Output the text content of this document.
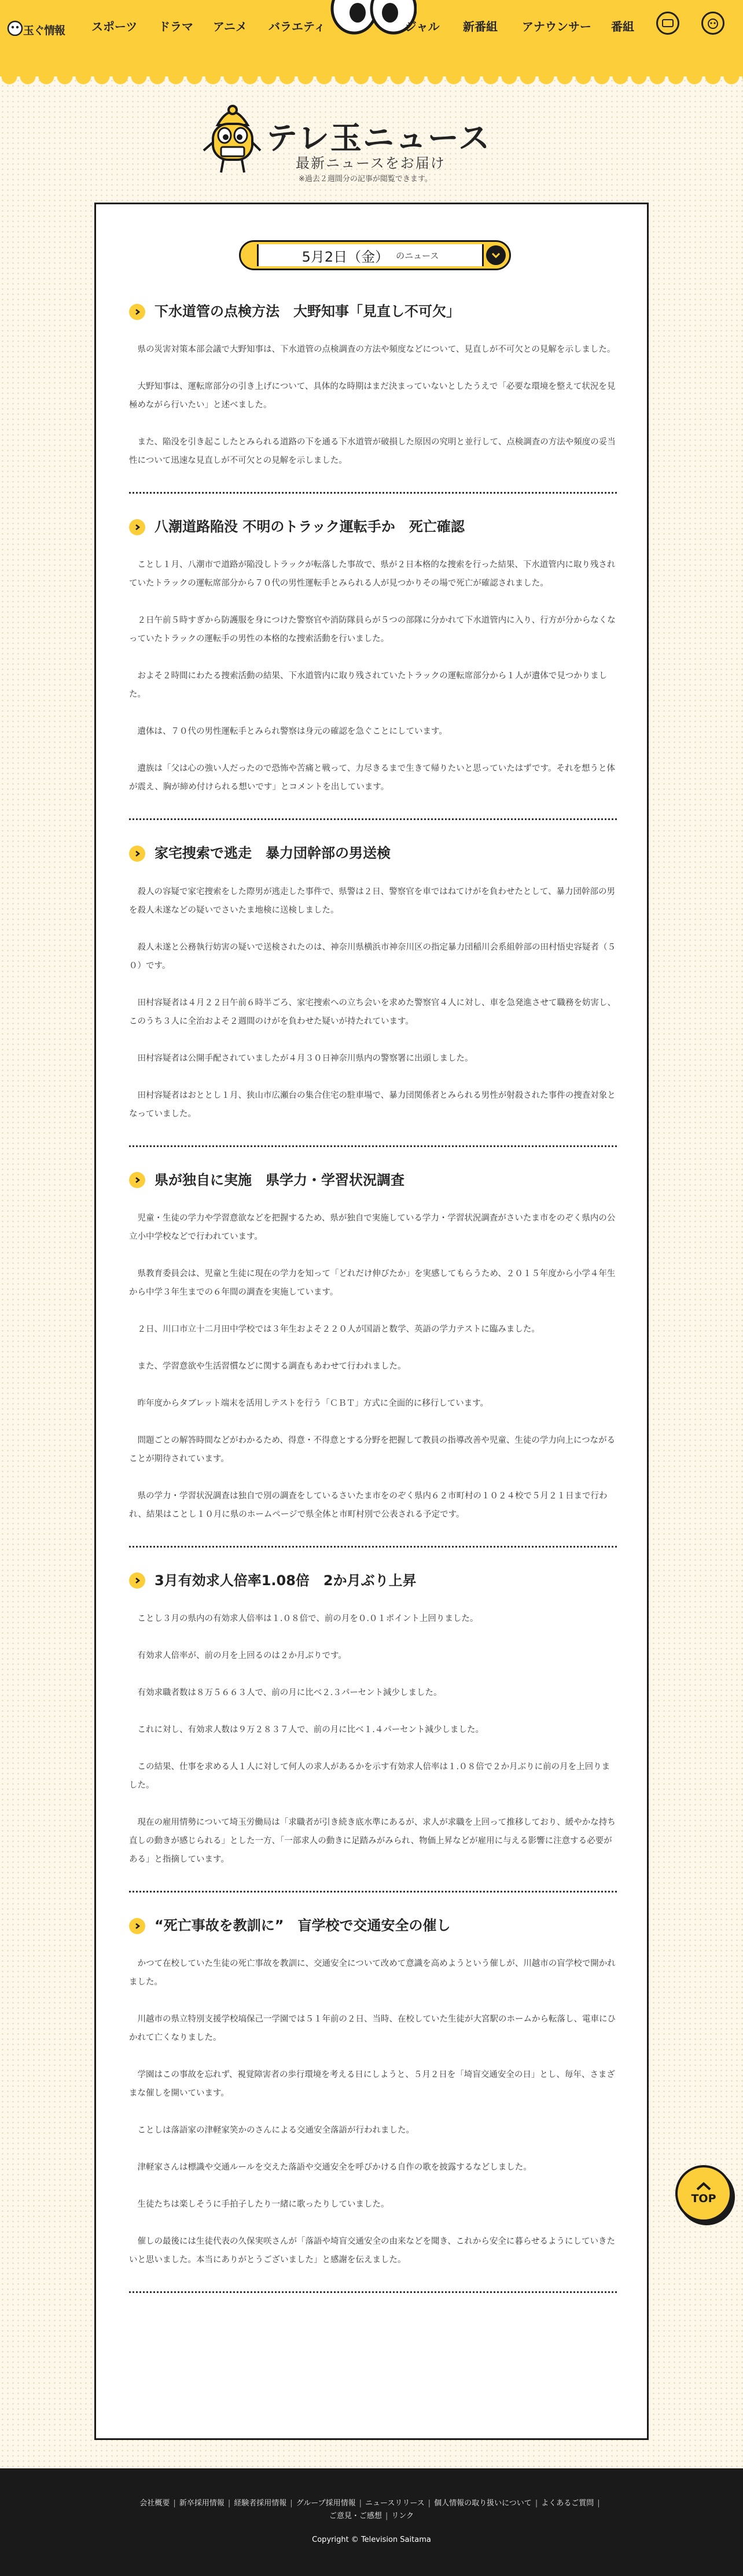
玉ぐ情報	スポーツ ドラマ アニメ バラエティ	ジャル 新番組 アナウンサー 番組
テレ玉ニュース
最新ニュースをお届け
※過去２週間分の記事が閲覧できます。
5月2日（金） のニュース
下水道管の点検方法　大野知事「見直し不可欠」

県の災害対策本部会議で大野知事は、下水道管の点検調査の方法や頻度などについて、見直しが不可欠との見解を示しました。

大野知事は、運転席部分の引き上げについて、具体的な時期はまだ決まっていないとしたうえで「必要な環境を整えて状況を見極めながら行いたい」と述べました。

また、陥没を引き起こしたとみられる道路の下を通る下水道管が破損した原因の究明と並行して、点検調査の方法や頻度の妥当性について迅速な見直しが不可欠との見解を示しました。

八潮道路陥没 不明のトラック運転手か　死亡確認

ことし１月、八潮市で道路が陥没しトラックが転落した事故で、県が２日本格的な捜索を行った結果、下水道管内に取り残されていたトラックの運転席部分から７０代の男性運転手とみられる人が見つかりその場で死亡が確認されました。

２日午前５時すぎから防護服を身につけた警察官や消防隊員らが５つの部隊に分かれて下水道管内に入り、行方が分からなくなっていたトラックの運転手の男性の本格的な捜索活動を行いました。

およそ２時間にわたる捜索活動の結果、下水道管内に取り残されていたトラックの運転席部分から１人が遺体で見つかりました。

遺体は、７０代の男性運転手とみられ警察は身元の確認を急ぐことにしています。

遺族は「父は心の強い人だったので恐怖や苦痛と戦って、力尽きるまで生きて帰りたいと思っていたはずです。それを想うと体が震え、胸が締め付けられる想いです」とコメントを出しています。

家宅捜索で逃走　暴力団幹部の男送検

殺人の容疑で家宅捜索をした際男が逃走した事件で、県警は２日、警察官を車ではねてけがを負わせたとして、暴力団幹部の男を殺人未遂などの疑いでさいたま地検に送検しました。

殺人未遂と公務執行妨害の疑いで送検されたのは、神奈川県横浜市神奈川区の指定暴力団稲川会系組幹部の田村悟史容疑者（５０）です。

田村容疑者は４月２２日午前６時半ごろ、家宅捜索への立ち会いを求めた警察官４人に対し、車を急発進させて職務を妨害し、このうち３人に全治およそ２週間のけがを負わせた疑いが持たれています。

田村容疑者は公開手配されていましたが４月３０日神奈川県内の警察署に出頭しました。

田村容疑者はおととし１月、狭山市広瀬台の集合住宅の駐車場で、暴力団関係者とみられる男性が射殺された事件の捜査対象となっていました。

県が独自に実施　県学力・学習状況調査

児童・生徒の学力や学習意欲などを把握するため、県が独自で実施している学力・学習状況調査がさいたま市をのぞく県内の公立小中学校などで行われています。

県教育委員会は、児童と生徒に現在の学力を知って「どれだけ伸びたか」を実感してもらうため、２０１５年度から小学４年生から中学３年生までの６年間の調査を実施しています。

２日、川口市立十二月田中学校では３年生およそ２２０人が国語と数学、英語の学力テストに臨みました。

また、学習意欲や生活習慣などに関する調査もあわせて行われました。

昨年度からタブレット端末を活用しテストを行う「ＣＢＴ」方式に全面的に移行しています。

問題ごとの解答時間などがわかるため、得意・不得意とする分野を把握して教員の指導改善や児童、生徒の学力向上につながることが期待されています。

県の学力・学習状況調査は独自で別の調査をしているさいたま市をのぞく県内６２市町村の１０２４校で５月２１日まで行われ、結果はことし１０月に県のホームページで県全体と市町村別で公表される予定です。

3月有効求人倍率1.08倍　2か月ぶり上昇

ことし３月の県内の有効求人倍率は１.０８倍で、前の月を０.０１ポイント上回りました。

有効求人倍率が、前の月を上回るのは２か月ぶりです。

有効求職者数は８万５６６３人で、前の月に比べ２.３パーセント減少しました。

これに対し、有効求人数は９万２８３７人で、前の月に比べ１.４パーセント減少しました。

この結果、仕事を求める人１人に対して何人の求人があるかを示す有効求人倍率は１.０８倍で２か月ぶりに前の月を上回りました。

現在の雇用情勢について埼玉労働局は「求職者が引き続き底水準にあるが、求人が求職を上回って推移しており、緩やかな持ち直しの動きが感じられる」とした一方、「一部求人の動きに足踏みがみられ、物価上昇などが雇用に与える影響に注意する必要がある」と指摘しています。

“死亡事故を教訓に”　盲学校で交通安全の催し

かつて在校していた生徒の死亡事故を教訓に、交通安全について改めて意識を高めようという催しが、川越市の盲学校で開かれました。

川越市の県立特別支援学校塙保己一学園では５１年前の２日、当時、在校していた生徒が大宮駅のホームから転落し、電車にひかれて亡くなりました。

学園はこの事故を忘れず、視覚障害者の歩行環境を考える日にしようと、５月２日を「埼盲交通安全の日」とし、毎年、さまざまな催しを開いています。

ことしは落語家の津軽家笑かのさんによる交通安全落語が行われました。

津軽家さんは標識や交通ルールを交えた落語や交通安全を呼びかける自作の歌を披露するなどしました。

生徒たちは楽しそうに手拍子したり一緒に歌ったりしていました。

催しの最後には生徒代表の久保実咲さんが「落語や埼盲交通安全の由来などを聞き、これから安全に暮らせるようにしていきたいと思いました。本当にありがとうございました」と感謝を伝えました。

TOP
会社概要 | 新卒採用情報 | 経験者採用情報 | グループ採用情報 | ニュースリリース | 個人情報の取り扱いについて | よくあるご質問 |ご意見・ご感想 | リンク
Copyright © Television Saitama
